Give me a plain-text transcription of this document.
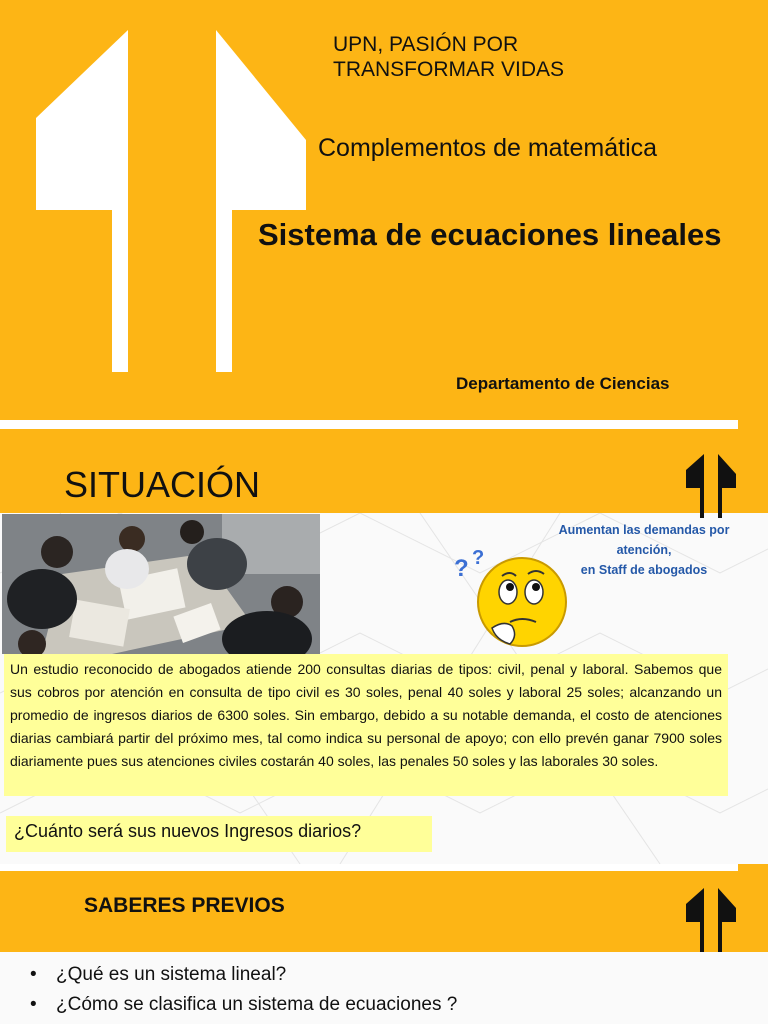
UPN, PASIÓN POR
TRANSFORMAR VIDAS
Complementos de matemática
Sistema de ecuaciones lineales
Departamento de Ciencias
SITUACIÓN
Aumentan las demandas por atención,
en Staff de abogados
? ?
Un estudio reconocido de abogados atiende 200 consultas diarias de tipos: civil, penal y laboral. Sabemos que sus cobros por atención en consulta de tipo civil es 30 soles, penal 40 soles y laboral 25 soles; alcanzando un promedio de ingresos diarios de 6300 soles. Sin embargo, debido a su notable demanda, el costo de atenciones diarias cambiará partir del próximo mes, tal como indica su personal de apoyo; con ello prevén ganar 7900 soles diariamente pues sus atenciones civiles costarán 40 soles, las penales 50 soles y las laborales 30 soles.
¿Cuánto será sus nuevos Ingresos diarios?
SABERES PREVIOS
• ¿Qué es un sistema lineal?
• ¿Cómo se clasifica un sistema de ecuaciones ?
